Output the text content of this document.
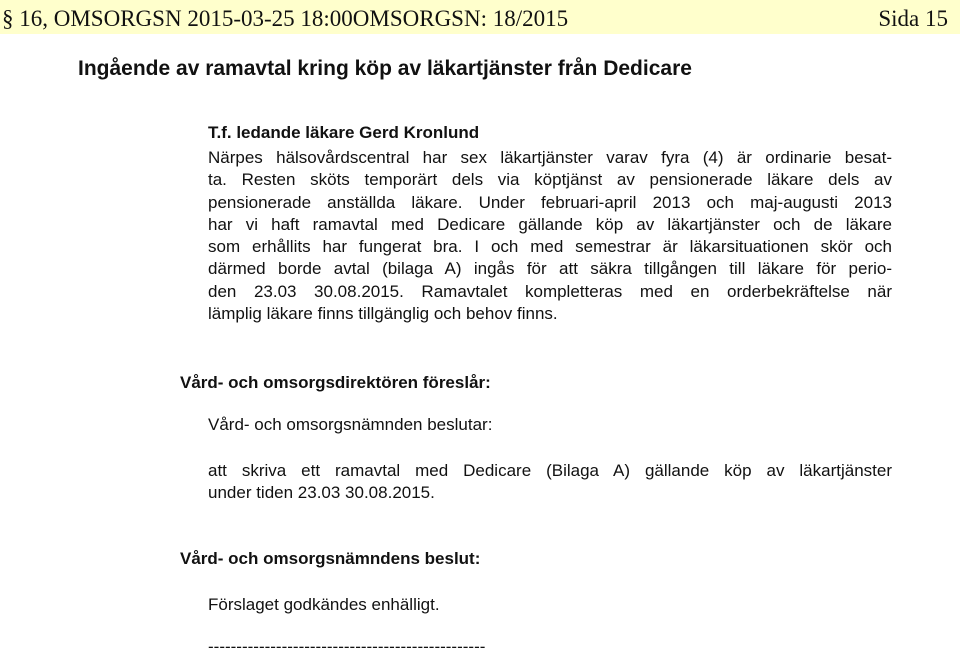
§ 16, OMSORGSN 2015-03-25 18:00OMSORGSN: 18/2015	Sida 15
Ingående av ramavtal kring köp av läkartjänster från Dedicare
T.f. ledande läkare Gerd Kronlund
Närpes hälsovårdscentral har sex läkartjänster varav fyra (4) är ordinarie besat-
ta. Resten sköts temporärt dels via köptjänst av pensionerade läkare dels av
pensionerade anställda läkare. Under februari-april 2013 och maj-augusti 2013
har vi haft ramavtal med Dedicare gällande köp av läkartjänster och de läkare
som erhållits har fungerat bra. I och med semestrar är läkarsituationen skör och
därmed borde avtal (bilaga A) ingås för att säkra tillgången till läkare för perio-
den 23.03 30.08.2015. Ramavtalet kompletteras med en orderbekräftelse när
lämplig läkare finns tillgänglig och behov finns.
Vård- och omsorgsdirektören föreslår:
Vård- och omsorgsnämnden beslutar:
att skriva ett ramavtal med Dedicare (Bilaga A) gällande köp av läkartjänster
under tiden 23.03 30.08.2015.
Vård- och omsorgsnämndens beslut:
Förslaget godkändes enhälligt.
-------------------------------------------------
